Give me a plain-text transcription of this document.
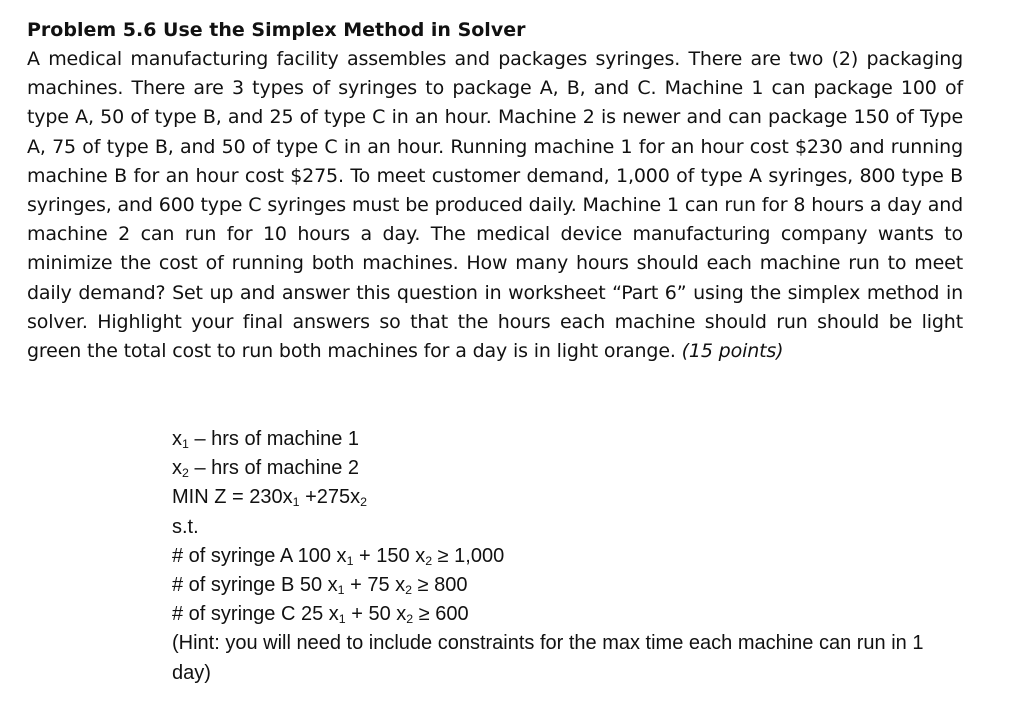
Problem 5.6 Use the Simplex Method in Solver

A medical manufacturing facility assembles and packages syringes. There are two (2) packaging machines. There are 3 types of syringes to package A, B, and C. Machine 1 can package 100 of type A, 50 of type B, and 25 of type C in an hour. Machine 2 is newer and can package 150 of Type A, 75 of type B, and 50 of type C in an hour. Running machine 1 for an hour cost $230 and running machine B for an hour cost $275. To meet customer demand, 1,000 of type A syringes, 800 type B syringes, and 600 type C syringes must be produced daily. Machine 1 can run for 8 hours a day and machine 2 can run for 10 hours a day. The medical device manufacturing company wants to minimize the cost of running both machines. How many hours should each machine run to meet daily demand? Set up and answer this question in worksheet “Part 6” using the simplex method in solver. Highlight your final answers so that the hours each machine should run should be light green the total cost to run both machines for a day is in light orange. (15 points)

$x_1$ – hrs of machine 1

$x_2$ – hrs of machine 2

MIN $Z = 230x_1 +275x_2$

s.t.

# of syringe A 100 $x_1 + 150$ $x_2 \ge 1,000$

# of syringe B 50 $x_1 + 75$ $x_2 \ge 800$

# of syringe C 25 $x_1 + 50$ $x_2 \ge 600$

(Hint: you will need to include constraints for the max time each machine can run in 1 day)
